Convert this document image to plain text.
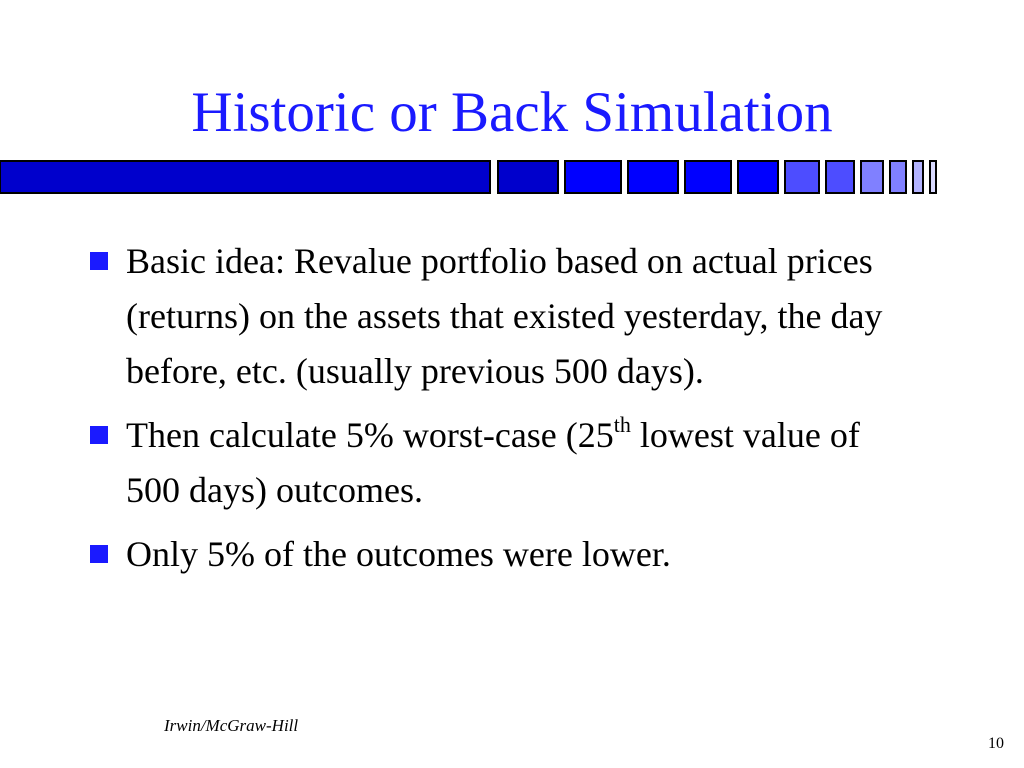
Historic or Back Simulation
Basic idea: Revalue portfolio based on actual prices (returns) on the assets that existed yesterday, the day before, etc. (usually previous 500 days).
Then calculate 5% worst-case (25th lowest value of 500 days) outcomes.
Only 5% of the outcomes were lower.
Irwin/McGraw-Hill
10
